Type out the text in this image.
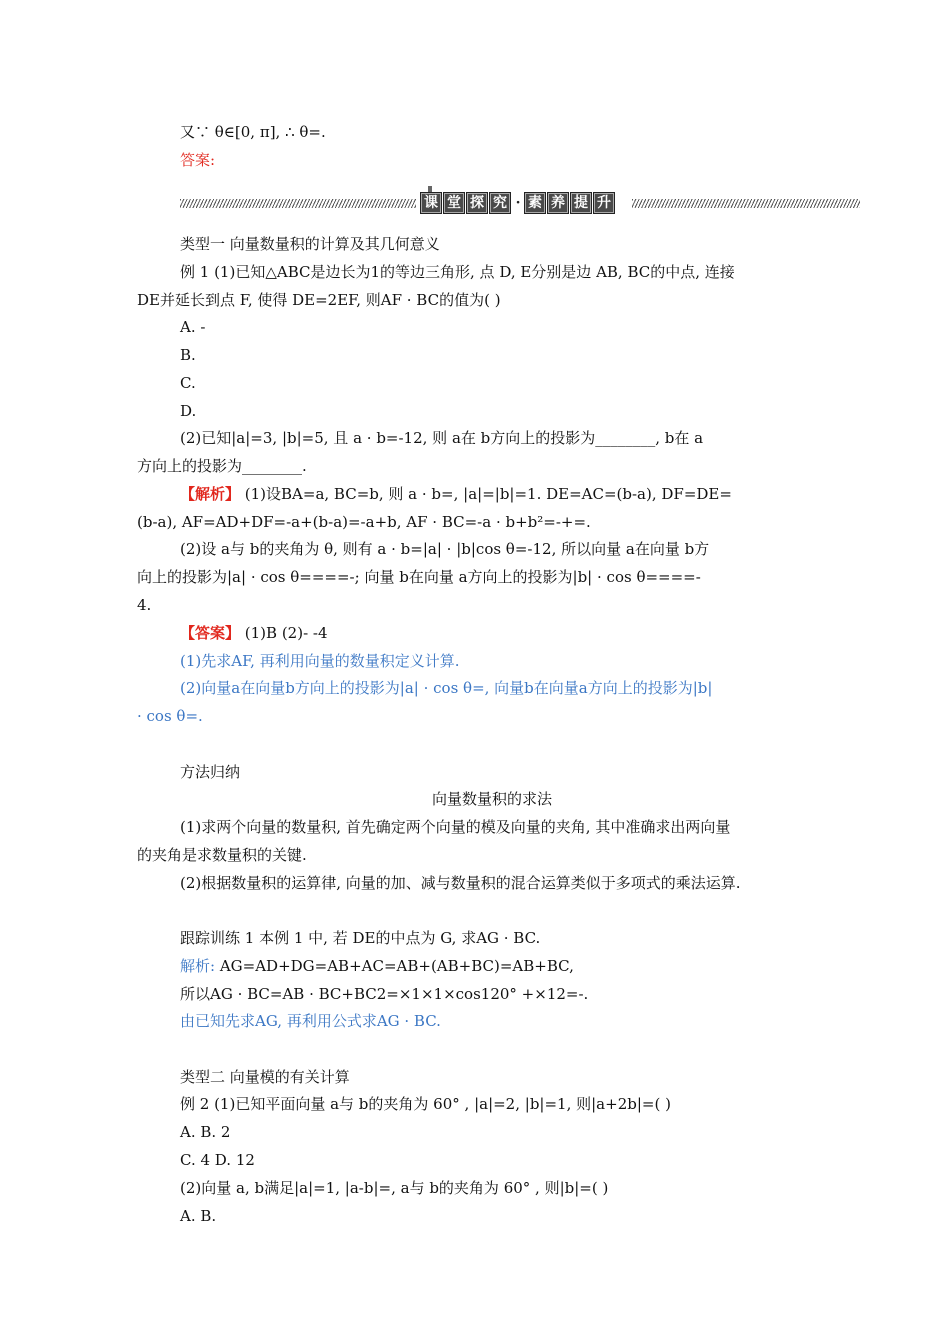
又∵ θ∈[0, π], ∴ θ=.
答案:
课 堂 探 究 · 素 养 提 升
类型一 向量数量积的计算及其几何意义
例 1 (1)已知△ABC是边长为1的等边三角形, 点 D, E分别是边 AB, BC的中点, 连接
DE并延长到点 F, 使得 DE=2EF, 则AF · BC的值为( )
A. -
B.
C.
D.
(2)已知|a|=3, |b|=5, 且 a · b=-12, 则 a在 b方向上的投影为________, b在 a
方向上的投影为________.
【解析】 (1)设BA=a, BC=b, 则 a · b=, |a|=|b|=1. DE=AC=(b-a), DF=DE=
(b-a), AF=AD+DF=-a+(b-a)=-a+b, AF · BC=-a · b+b²=-+=.
(2)设 a与 b的夹角为 θ, 则有 a · b=|a| · |b|cos θ=-12, 所以向量 a在向量 b方
向上的投影为|a| · cos θ====-; 向量 b在向量 a方向上的投影为|b| · cos θ====-
4.
【答案】 (1)B (2)- -4
(1)先求AF, 再利用向量的数量积定义计算.
(2)向量a在向量b方向上的投影为|a| · cos θ=, 向量b在向量a方向上的投影为|b|
· cos θ=.
方法归纳
向量数量积的求法
(1)求两个向量的数量积, 首先确定两个向量的模及向量的夹角, 其中准确求出两向量
的夹角是求数量积的关键.
(2)根据数量积的运算律, 向量的加、减与数量积的混合运算类似于多项式的乘法运算.
跟踪训练 1 本例 1 中, 若 DE的中点为 G, 求AG · BC.
解析: AG=AD+DG=AB+AC=AB+(AB+BC)=AB+BC,
所以AG · BC=AB · BC+BC2=×1×1×cos120° +×12=-.
由已知先求AG, 再利用公式求AG · BC.
类型二 向量模的有关计算
例 2 (1)已知平面向量 a与 b的夹角为 60° , |a|=2, |b|=1, 则|a+2b|=( )
A. B. 2
C. 4 D. 12
(2)向量 a, b满足|a|=1, |a-b|=, a与 b的夹角为 60° , 则|b|=( )
A. B.
